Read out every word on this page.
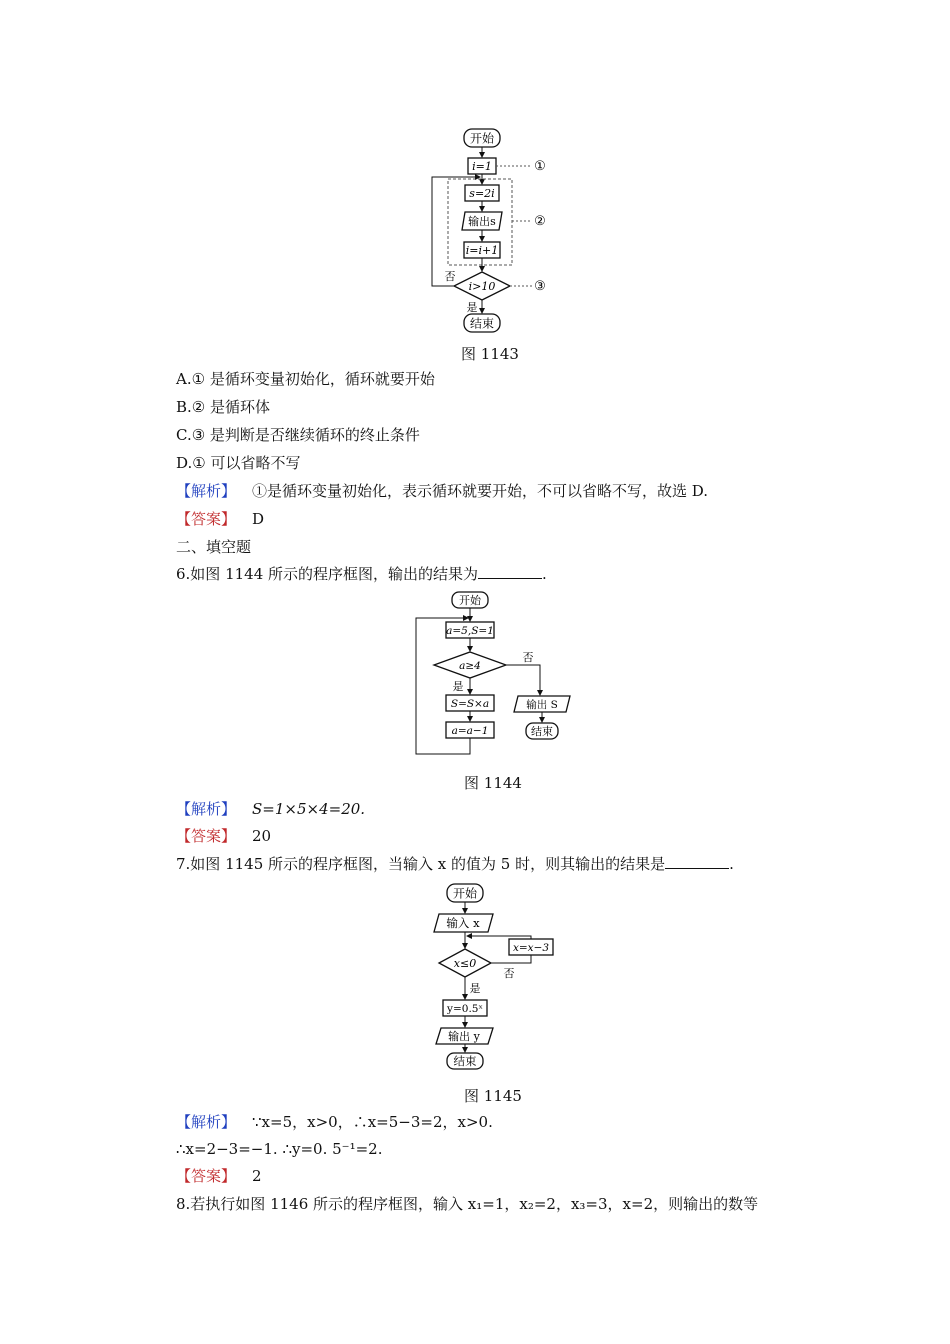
开始
i=1	①
s=2i
输出s	②
i=i+1
i>10	③
否
是
结束
图 1143
A.① 是循环变量初始化，循环就要开始
B.② 是循环体
C.③ 是判断是否继续循环的终止条件
D.① 可以省略不写
【解析】 ①是循环变量初始化，表示循环就要开始，不可以省略不写，故选 D.
【答案】 D
二、填空题
6.如图 1144 所示的程序框图，输出的结果为	.
开始
a=5,S=1
a≥4
否
是
S=S×a
a=a−1
输出 S
结束
图 1144
【解析】 S=1×5×4=20.
【答案】 20
7.如图 1145 所示的程序框图，当输入 x 的值为 5 时，则其输出的结果是	.
开始
输入 x
x≤0
x=x−3
否
是
y=0.5ˣ
输出 y
结束
图 1145
【解析】 ∵x=5，x>0，∴x=5−3=2，x>0.
∴x=2−3=−1. ∴y=0. 5⁻¹=2.
【答案】 2
8.若执行如图 1146 所示的程序框图，输入 x₁=1，x₂=2，x₃=3，x=2，则输出的数等
